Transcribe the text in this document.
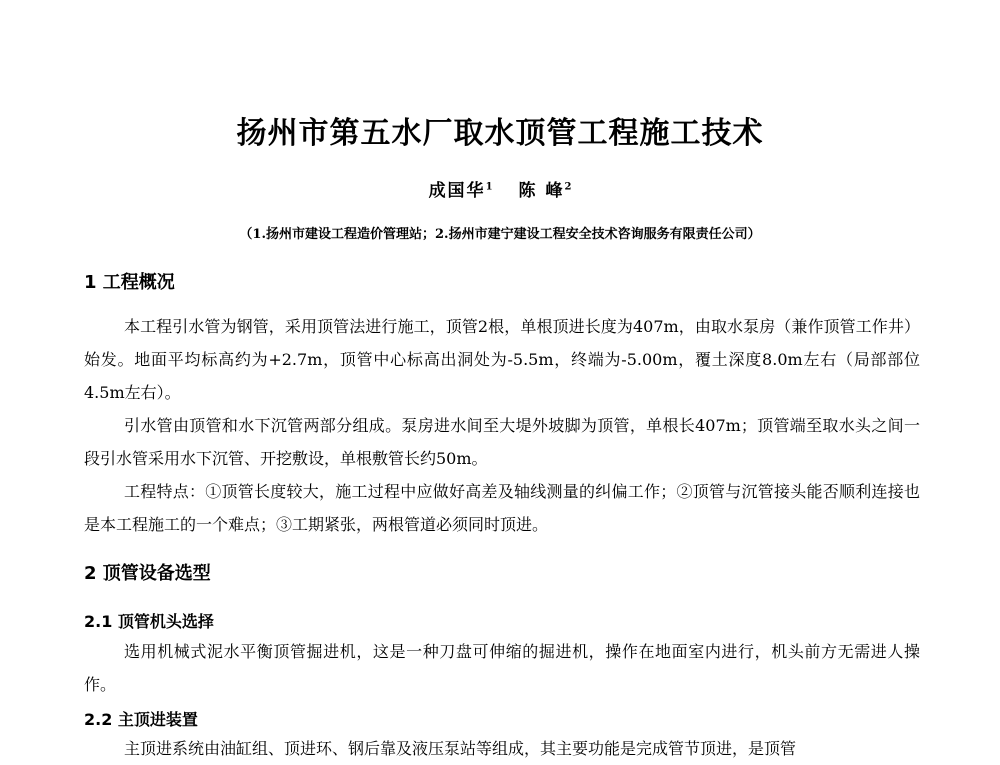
扬州市第五水厂取水顶管工程施工技术
成国华$^1$ 陈 峰$^2$
（1.扬州市建设工程造价管理站；2.扬州市建宁建设工程安全技术咨询服务有限责任公司）
1 工程概况
本工程引水管为钢管，采用顶管法进行施工，顶管2根，单根顶进长度为407m，由取水泵房（兼作顶管工作井）始发。地面平均标高约为+2.7m，顶管中心标高出洞处为-5.5m，终端为-5.00m，覆土深度8.0m左右（局部部位4.5m左右）。
引水管由顶管和水下沉管两部分组成。泵房进水间至大堤外坡脚为顶管，单根长407m；顶管端至取水头之间一段引水管采用水下沉管、开挖敷设，单根敷管长约50m。
工程特点：①顶管长度较大，施工过程中应做好高差及轴线测量的纠偏工作；②顶管与沉管接头能否顺利连接也是本工程施工的一个难点；③工期紧张，两根管道必须同时顶进。
2 顶管设备选型
2.1 顶管机头选择
选用机械式泥水平衡顶管掘进机，这是一种刀盘可伸缩的掘进机，操作在地面室内进行，机头前方无需进人操作。
2.2 主顶进装置
主顶进系统由油缸组、顶进环、钢后靠及液压泵站等组成，其主要功能是完成管节顶进，是顶管
